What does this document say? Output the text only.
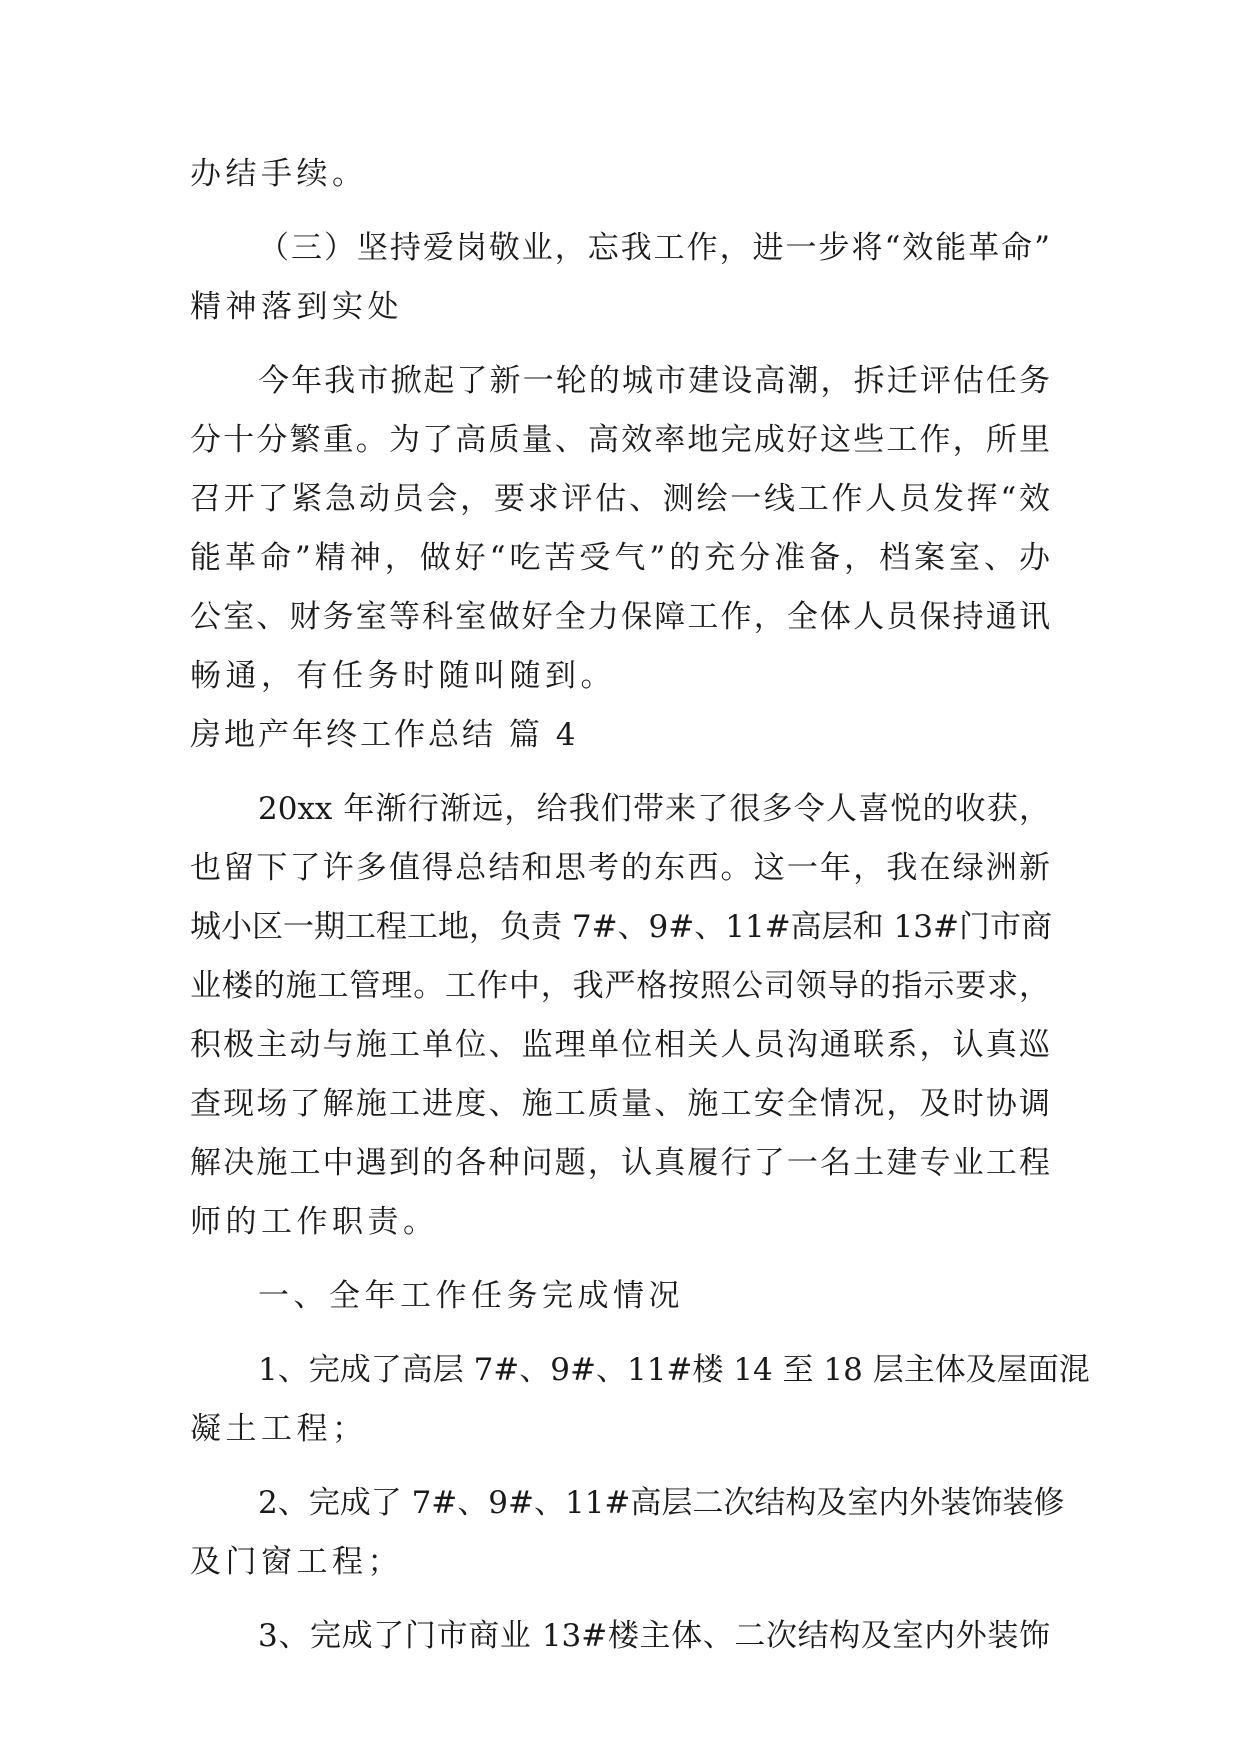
办结手续。
（三）坚持爱岗敬业，忘我工作，进一步将“效能革命”
精神落到实处
今年我市掀起了新一轮的城市建设高潮，拆迁评估任务
分十分繁重。为了高质量、高效率地完成好这些工作，所里
召开了紧急动员会，要求评估、测绘一线工作人员发挥“效
能革命”精神，做好“吃苦受气”的充分准备，档案室、办
公室、财务室等科室做好全力保障工作，全体人员保持通讯
畅通，有任务时随叫随到。
房地产年终工作总结 篇 4
20xx 年渐行渐远，给我们带来了很多令人喜悦的收获，
也留下了许多值得总结和思考的东西。这一年，我在绿洲新
城小区一期工程工地，负责 7#、9#、11#高层和 13#门市商
业楼的施工管理。工作中，我严格按照公司领导的指示要求，
积极主动与施工单位、监理单位相关人员沟通联系，认真巡
查现场了解施工进度、施工质量、施工安全情况，及时协调
解决施工中遇到的各种问题，认真履行了一名土建专业工程
师的工作职责。
一、全年工作任务完成情况
1、完成了高层 7#、9#、11#楼 14 至 18 层主体及屋面混
凝土工程；
2、完成了 7#、9#、11#高层二次结构及室内外装饰装修
及门窗工程；
3、完成了门市商业 13#楼主体、二次结构及室内外装饰
